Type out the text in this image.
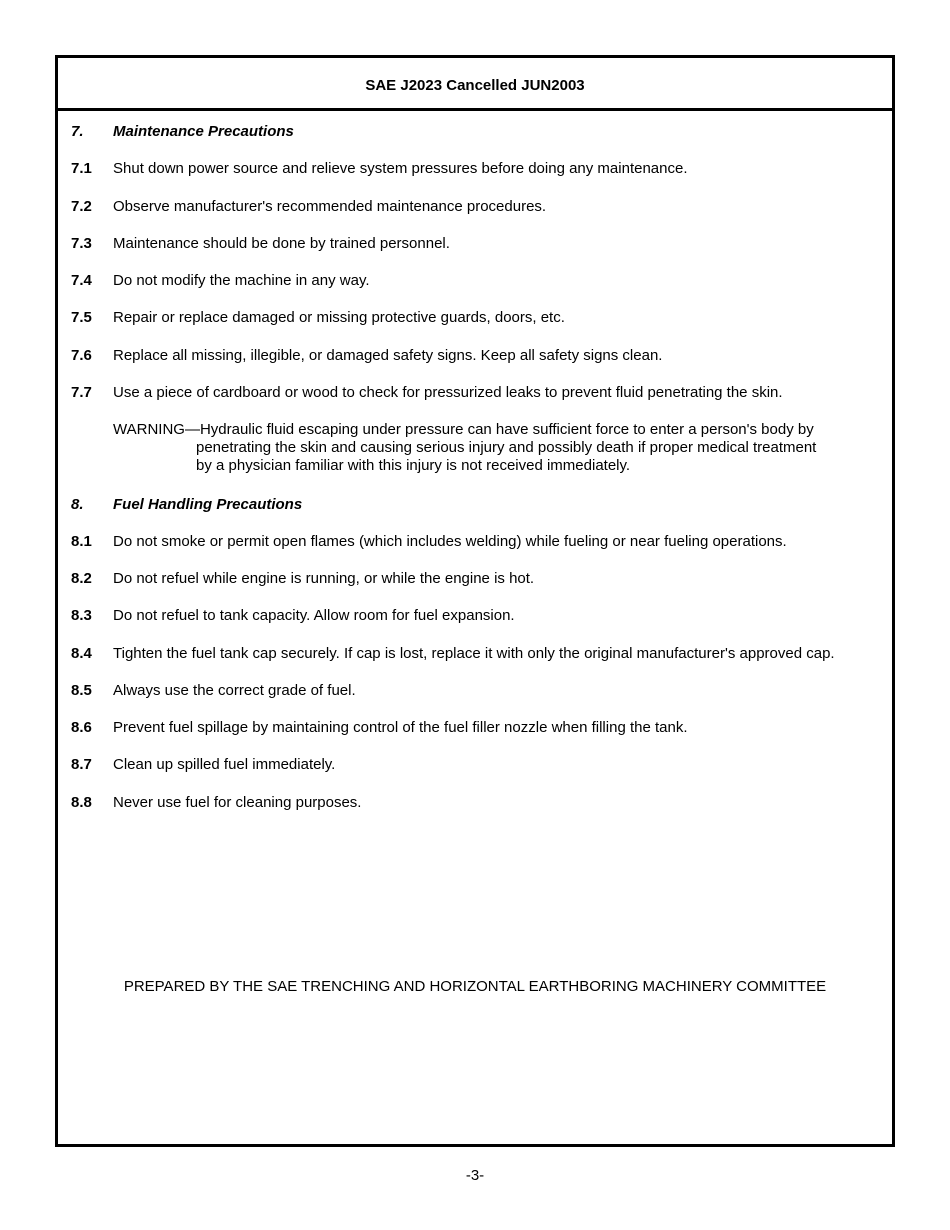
SAE J2023 Cancelled JUN2003
7. Maintenance Precautions
7.1 Shut down power source and relieve system pressures before doing any maintenance.
7.2 Observe manufacturer's recommended maintenance procedures.
7.3 Maintenance should be done by trained personnel.
7.4 Do not modify the machine in any way.
7.5 Repair or replace damaged or missing protective guards, doors, etc.
7.6 Replace all missing, illegible, or damaged safety signs. Keep all safety signs clean.
7.7 Use a piece of cardboard or wood to check for pressurized leaks to prevent fluid penetrating the skin.
WARNING—Hydraulic fluid escaping under pressure can have sufficient force to enter a person's body by
penetrating the skin and causing serious injury and possibly death if proper medical treatment
by a physician familiar with this injury is not received immediately.
8. Fuel Handling Precautions
8.1 Do not smoke or permit open flames (which includes welding) while fueling or near fueling operations.
8.2 Do not refuel while engine is running, or while the engine is hot.
8.3 Do not refuel to tank capacity. Allow room for fuel expansion.
8.4 Tighten the fuel tank cap securely. If cap is lost, replace it with only the original manufacturer's approved cap.
8.5 Always use the correct grade of fuel.
8.6 Prevent fuel spillage by maintaining control of the fuel filler nozzle when filling the tank.
8.7 Clean up spilled fuel immediately.
8.8 Never use fuel for cleaning purposes.
PREPARED BY THE SAE TRENCHING AND HORIZONTAL EARTHBORING MACHINERY COMMITTEE
-3-
